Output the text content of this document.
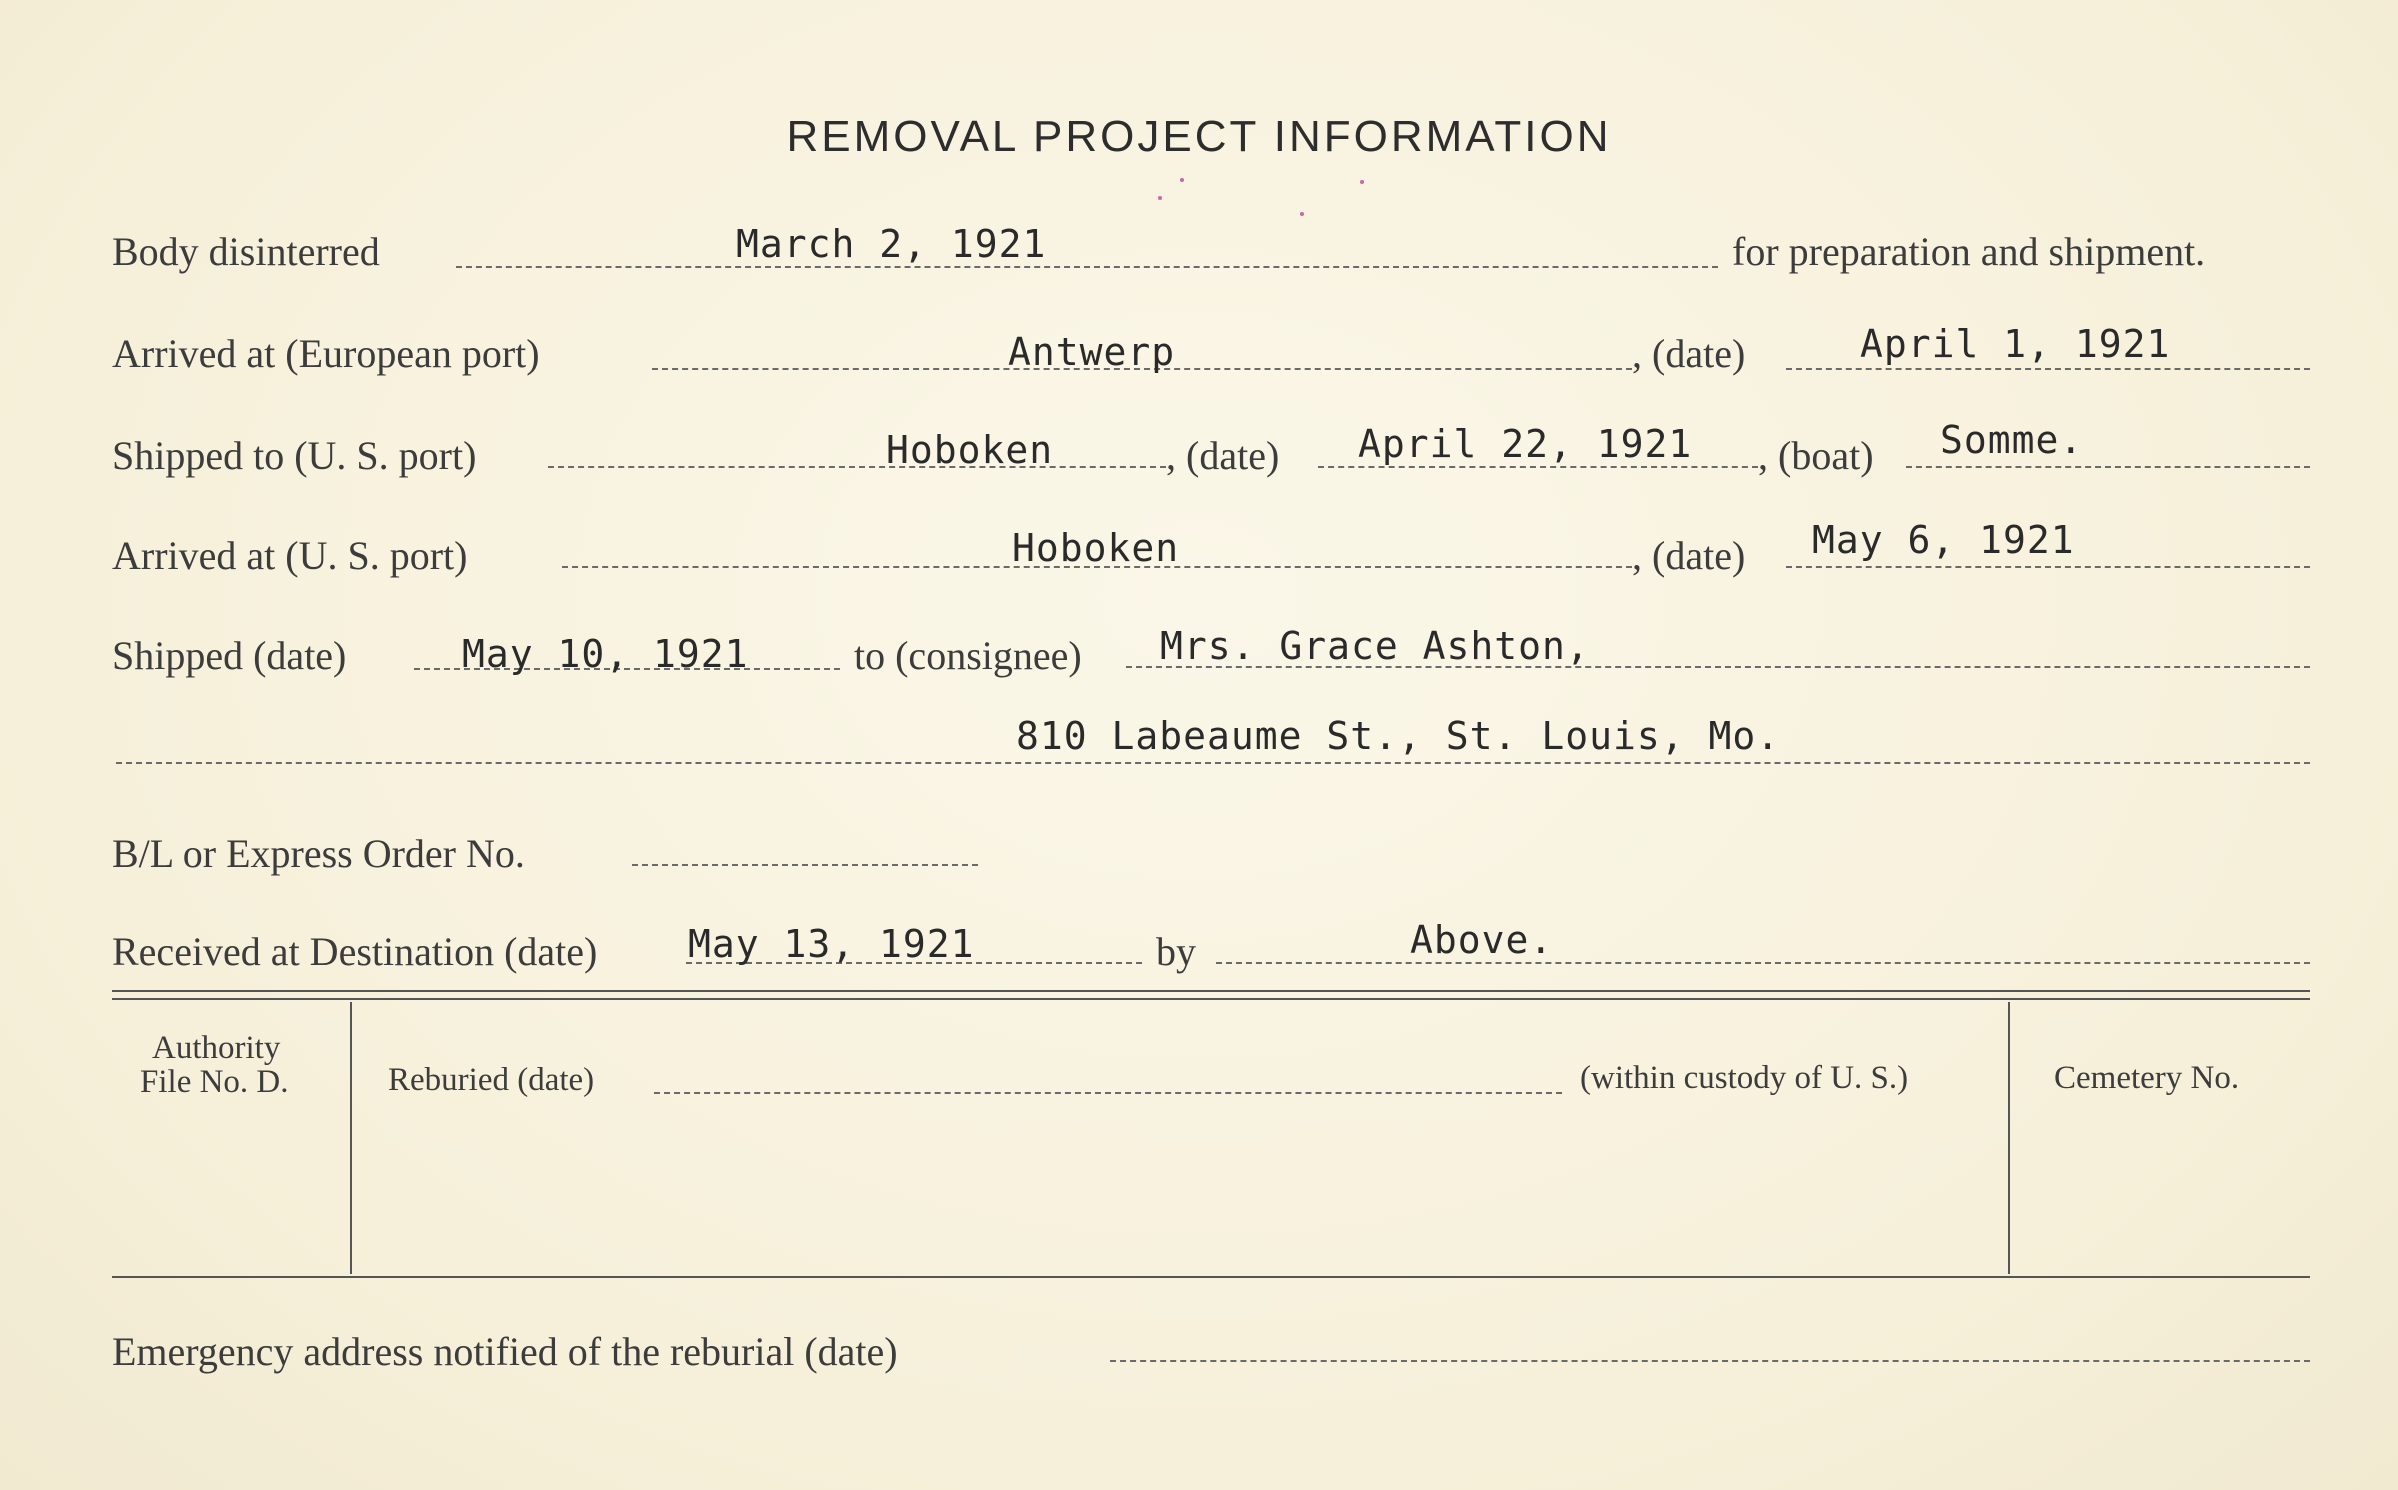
REMOVAL PROJECT INFORMATION
Body disinterred	March 2, 1921	for preparation and shipment.
Arrived at (European port)	Antwerp	, (date)	April 1, 1921
Shipped to (U. S. port)	Hoboken	, (date) April 22, 1921 , (boat) Somme.
Arrived at (U. S. port)	Hoboken	, (date) May 6, 1921
Shipped (date)	May 10, 1921	to (consignee) Mrs. Grace Ashton,
810 Labeaume St., St. Louis, Mo.
B/L or Express Order No.
Received at Destination (date) May 13, 1921	by	Above.
Authority
File No. D.	Reburied (date)	(within custody of U. S.)	Cemetery No.
Emergency address notified of the reburial (date)
